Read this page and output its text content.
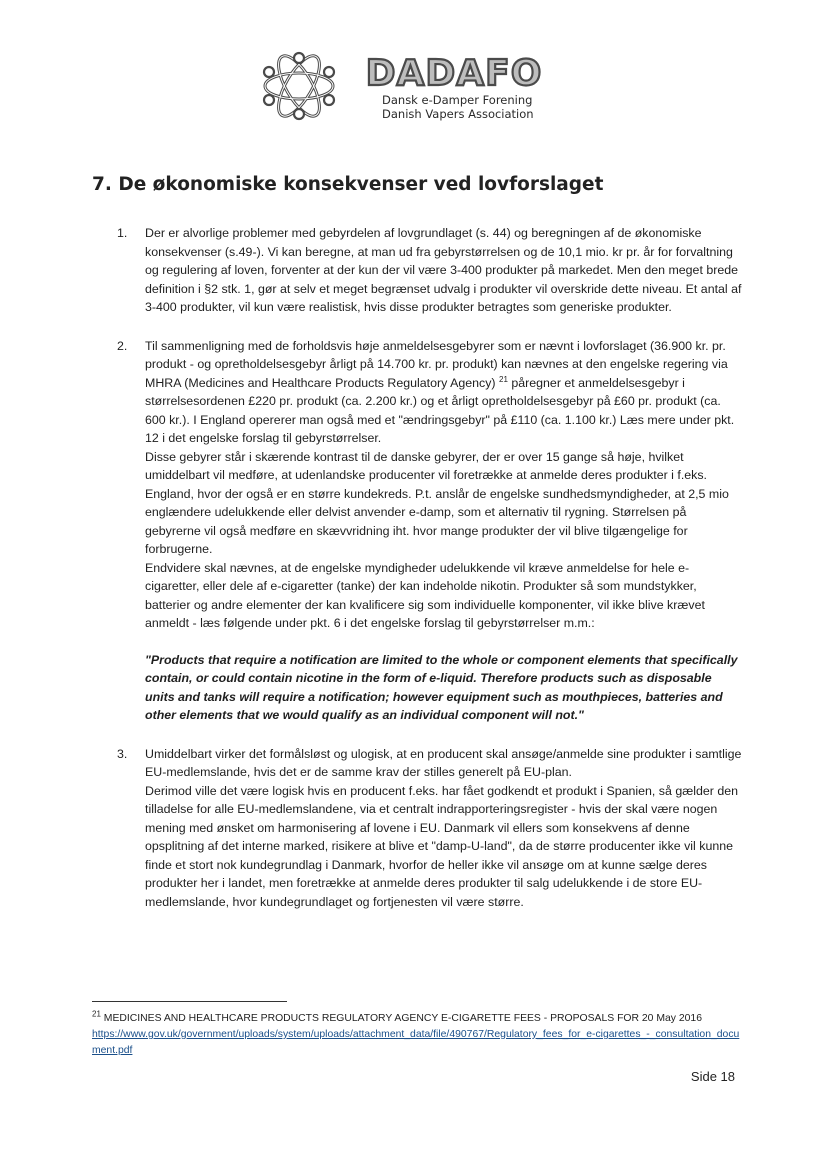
DADAFO
Dansk e-Damper Forening
Danish Vapers Association
7. De økonomiske konsekvenser ved lovforslaget
1. Der er alvorlige problemer med gebyrdelen af lovgrundlaget (s. 44) og beregningen af de økonomiske konsekvenser (s.49-). Vi kan beregne, at man ud fra gebyrstørrelsen og de 10,1 mio. kr pr. år for forvaltning og regulering af loven, forventer at der kun der vil være 3-400 produkter på markedet. Men den meget brede definition i §2 stk. 1, gør at selv et meget begrænset udvalg i produkter vil overskride dette niveau. Et antal af 3-400 produkter, vil kun være realistisk, hvis disse produkter betragtes som generiske produkter.

2. Til sammenligning med de forholdsvis høje anmeldelsesgebyrer som er nævnt i lovforslaget (36.900 kr. pr. produkt - og opretholdelsesgebyr årligt på 14.700 kr. pr. produkt) kan nævnes at den engelske regering via MHRA (Medicines and Healthcare Products Regulatory Agency) $^{21}$ påregner et anmeldelsesgebyr i størrelsesordenen £220 pr. produkt (ca. 2.200 kr.) og et årligt opretholdelsesgebyr på £60 pr. produkt (ca. 600 kr.). I England opererer man også med et "ændringsgebyr" på £110 (ca. 1.100 kr.) Læs mere under pkt. 12 i det engelske forslag til gebyrstørrelser.

Disse gebyrer står i skærende kontrast til de danske gebyrer, der er over 15 gange så høje, hvilket umiddelbart vil medføre, at udenlandske producenter vil foretrække at anmelde deres produkter i f.eks. England, hvor der også er en større kundekreds. P.t. anslår de engelske sundhedsmyndigheder, at 2,5 mio englændere udelukkende eller delvist anvender e-damp, som et alternativ til rygning. Størrelsen på gebyrerne vil også medføre en skævvridning iht. hvor mange produkter der vil blive tilgængelige for forbrugerne.

Endvidere skal nævnes, at de engelske myndigheder udelukkende vil kræve anmeldelse for hele e-cigaretter, eller dele af e-cigaretter (tanke) der kan indeholde nikotin. Produkter så som mundstykker, batterier og andre elementer der kan kvalificere sig som individuelle komponenter, vil ikke blive krævet anmeldt - læs følgende under pkt. 6 i det engelske forslag til gebyrstørrelser m.m.:

"Products that require a notification are limited to the whole or component elements that specifically contain, or could contain nicotine in the form of e-liquid. Therefore products such as disposable units and tanks will require a notification; however equipment such as mouthpieces, batteries and other elements that we would qualify as an individual component will not."

3. Umiddelbart virker det formålsløst og ulogisk, at en producent skal ansøge/anmelde sine produkter i samtlige EU-medlemslande, hvis det er de samme krav der stilles generelt på EU-plan.

Derimod ville det være logisk hvis en producent f.eks. har fået godkendt et produkt i Spanien, så gælder den tilladelse for alle EU-medlemslandene, via et centralt indrapporteringsregister - hvis der skal være nogen mening med ønsket om harmonisering af lovene i EU. Danmark vil ellers som konsekvens af denne opsplitning af det interne marked, risikere at blive et "damp-U-land", da de større producenter ikke vil kunne finde et stort nok kundegrundlag i Danmark, hvorfor de heller ikke vil ansøge om at kunne sælge deres produkter her i landet, men foretrække at anmelde deres produkter til salg udelukkende i de store EU-medlemslande, hvor kundegrundlaget og fortjenesten vil være større.

$^{21}$ MEDICINES AND HEALTHCARE PRODUCTS REGULATORY AGENCY E-CIGARETTE FEES - PROPOSALS FOR 20 May 2016

https://www.gov.uk/government/uploads/system/uploads/attachment_data/file/490767/Regulatory_fees_for_e-cigarettes_-_consultation_document.pdf

Side 18
